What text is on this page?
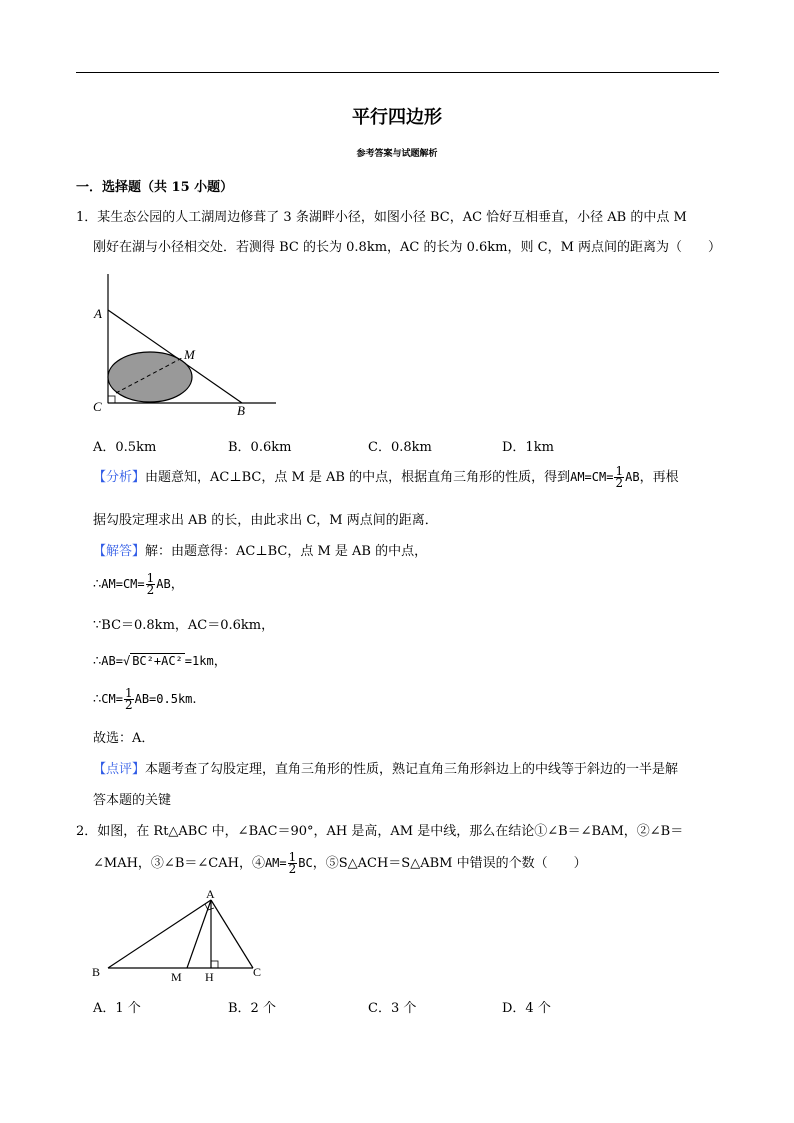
平行四边形
参考答案与试题解析
一．选择题（共 15 小题）
1．某生态公园的人工湖周边修葺了 3 条湖畔小径，如图小径 BC，AC 恰好互相垂直，小径 AB 的中点 M
刚好在湖与小径相交处．若测得 BC 的长为 0.8km，AC 的长为 0.6km，则 C，M 两点间的距离为（　　）
A
M
C	B
A．0.5km	B．0.6km	C．0.8km	D．1km
【分析】由题意知，AC⊥BC，点 M 是 AB 的中点，根据直角三角形的性质，得到$AM=CM= \frac{1}{2}$ AB，再根
据勾股定理求出 AB 的长，由此求出 C，M 两点间的距离．
【解答】解：由题意得：AC⊥BC，点 M 是 AB 的中点，
∴AM=CM= $\frac{1}{2}$ AB，
∵BC＝0.8km，AC＝0.6km，
∴AB=√ BC²+AC² =1km，
∴CM= $\frac{1}{2} AB=0.5km$.
故选：A．
【点评】本题考查了勾股定理，直角三角形的性质，熟记直角三角形斜边上的中线等于斜边的一半是解
答本题的关键
2．如图，在 Rt△ABC 中，∠BAC＝90°，AH 是高，AM 是中线，那么在结论①∠B＝∠BAM，②∠B＝
∠MAH，③∠B＝∠CAH，④AM= $\frac{1}{2}$ BC，⑤S△ACH＝S△ABM 中错误的个数（　　）
A
B	M H	C
A．1 个	B．2 个	C．3 个	D．4 个
